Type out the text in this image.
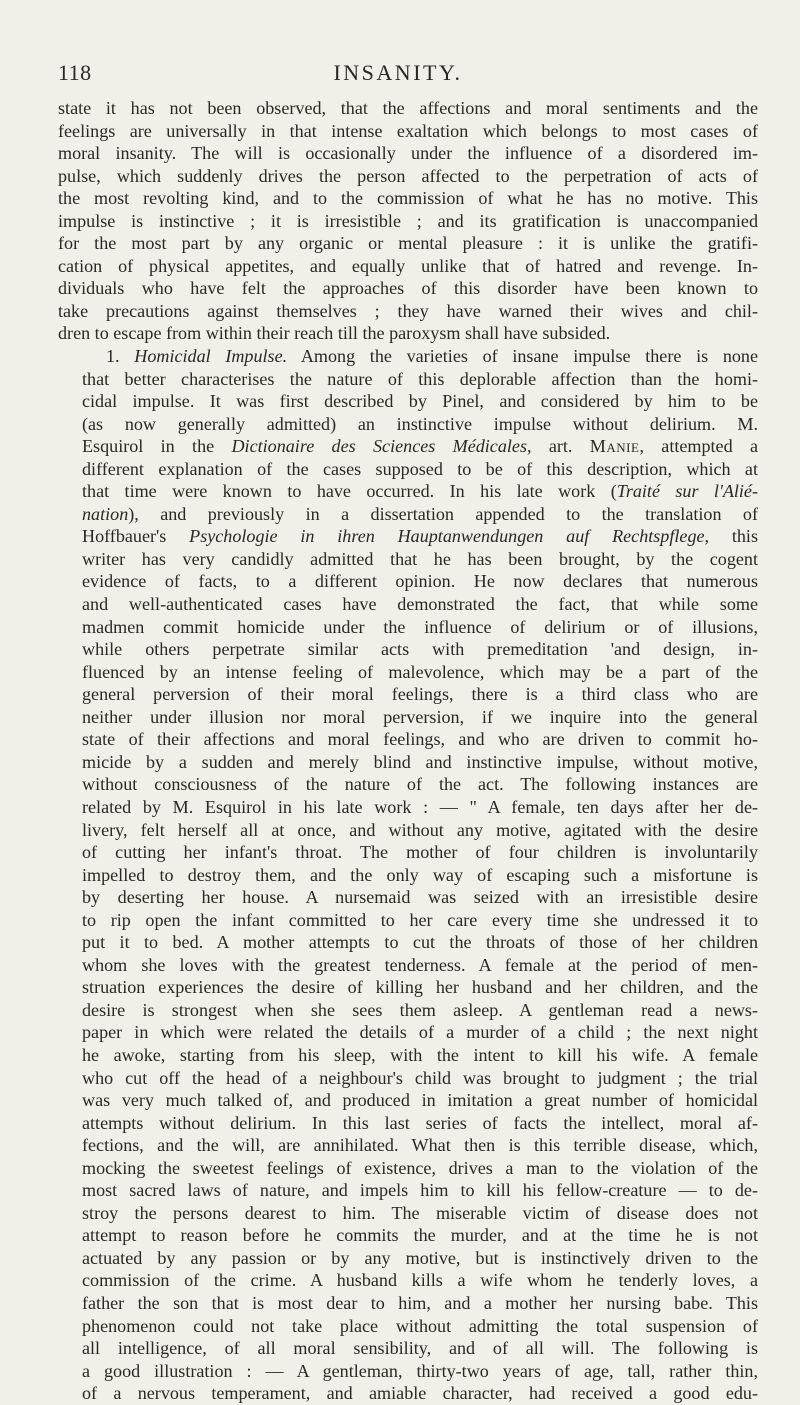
118	INSANITY.

state it has not been observed, that the affections and moral sentiments and the
feelings are universally in that intense exaltation which belongs to most cases of
moral insanity. The will is occasionally under the influence of a disordered im-
pulse, which suddenly drives the person affected to the perpetration of acts of
the most revolting kind, and to the commission of what he has no motive. This
impulse is instinctive ; it is irresistible ; and its gratification is unaccompanied
for the most part by any organic or mental pleasure : it is unlike the gratifi-
cation of physical appetites, and equally unlike that of hatred and revenge. In-
dividuals who have felt the approaches of this disorder have been known to
take precautions against themselves ; they have warned their wives and chil-
dren to escape from within their reach till the paroxysm shall have subsided.

1. Homicidal Impulse. Among the varieties of insane impulse there is none
that better characterises the nature of this deplorable affection than the homi-
cidal impulse. It was first described by Pinel, and considered by him to be
(as now generally admitted) an instinctive impulse without delirium. M.
Esquirol in the Dictionaire des Sciences Médicales, art. Manie, attempted a
different explanation of the cases supposed to be of this description, which at
that time were known to have occurred. In his late work (Traité sur l'Alié-
nation), and previously in a dissertation appended to the translation of
Hoffbauer's Psychologie in ihren Hauptanwendungen auf Rechtspflege, this
writer has very candidly admitted that he has been brought, by the cogent
evidence of facts, to a different opinion. He now declares that numerous
and well-authenticated cases have demonstrated the fact, that while some
madmen commit homicide under the influence of delirium or of illusions,
while others perpetrate similar acts with premeditation 'and design, in-
fluenced by an intense feeling of malevolence, which may be a part of the
general perversion of their moral feelings, there is a third class who are
neither under illusion nor moral perversion, if we inquire into the general
state of their affections and moral feelings, and who are driven to commit ho-
micide by a sudden and merely blind and instinctive impulse, without motive,
without consciousness of the nature of the act. The following instances are
related by M. Esquirol in his late work : — " A female, ten days after her de-
livery, felt herself all at once, and without any motive, agitated with the desire
of cutting her infant's throat. The mother of four children is involuntarily
impelled to destroy them, and the only way of escaping such a misfortune is
by deserting her house. A nursemaid was seized with an irresistible desire
to rip open the infant committed to her care every time she undressed it to
put it to bed. A mother attempts to cut the throats of those of her children
whom she loves with the greatest tenderness. A female at the period of men-
struation experiences the desire of killing her husband and her children, and the
desire is strongest when she sees them asleep. A gentleman read a news-
paper in which were related the details of a murder of a child ; the next night
he awoke, starting from his sleep, with the intent to kill his wife. A female
who cut off the head of a neighbour's child was brought to judgment ; the trial
was very much talked of, and produced in imitation a great number of homicidal
attempts without delirium. In this last series of facts the intellect, moral af-
fections, and the will, are annihilated. What then is this terrible disease, which,
mocking the sweetest feelings of existence, drives a man to the violation of the
most sacred laws of nature, and impels him to kill his fellow-creature — to de-
stroy the persons dearest to him. The miserable victim of disease does not
attempt to reason before he commits the murder, and at the time he is not
actuated by any passion or by any motive, but is instinctively driven to the
commission of the crime. A husband kills a wife whom he tenderly loves, a
father the son that is most dear to him, and a mother her nursing babe. This
phenomenon could not take place without admitting the total suspension of
all intelligence, of all moral sensibility, and of all will. The following is
a good illustration : — A gentleman, thirty-two years of age, tall, rather thin,
of a nervous temperament, and amiable character, had received a good edu-
